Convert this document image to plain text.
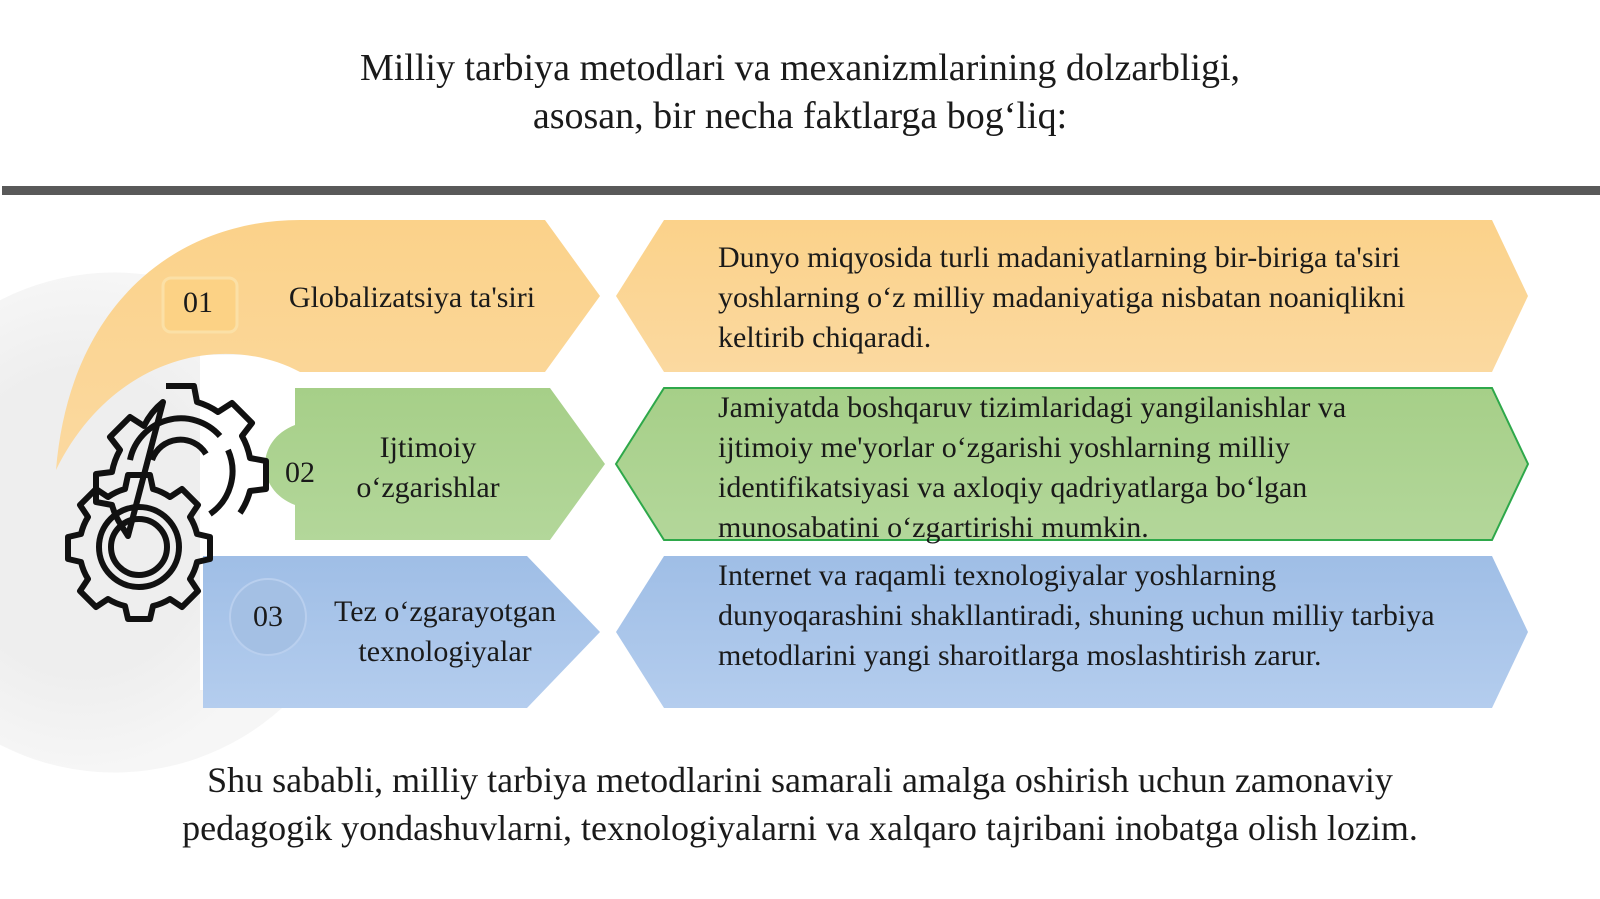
Milliy tarbiya metodlari va mexanizmlarining dolzarbligi,
asosan, bir necha faktlarga bog‘liq:
01	Globalizatsiya ta'siri
Dunyo miqyosida turli madaniyatlarning bir-biriga ta'siri yoshlarning o‘z milliy madaniyatiga nisbatan noaniqlikni keltirib chiqaradi.
02
Ijtimoiy
o‘zgarishlar
Jamiyatda boshqaruv tizimlaridagi yangilanishlar va ijtimoiy me'yorlar o‘zgarishi yoshlarning milliy identifikatsiyasi va axloqiy qadriyatlarga bo‘lgan munosabatini o‘zgartirishi mumkin.
03	Tez o‘zgarayotgan
texnologiyalar
Internet va raqamli texnologiyalar yoshlarning dunyoqarashini shakllantiradi, shuning uchun milliy tarbiya metodlarini yangi sharoitlarga moslashtirish zarur.
Shu sababli, milliy tarbiya metodlarini samarali amalga oshirish uchun zamonaviy
pedagogik yondashuvlarni, texnologiyalarni va xalqaro tajribani inobatga olish lozim.
